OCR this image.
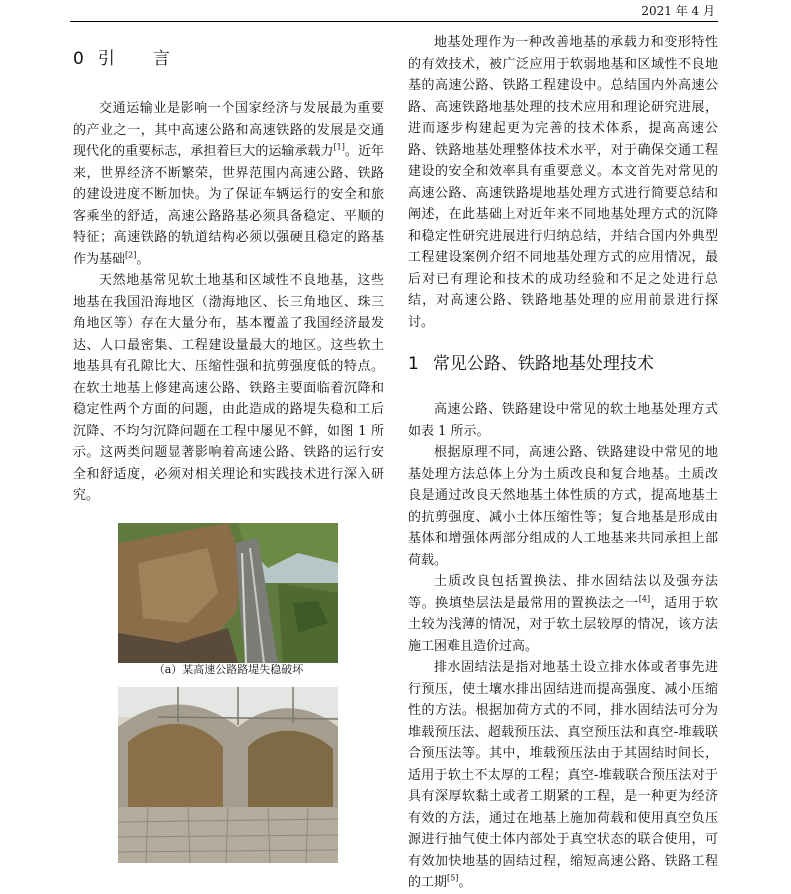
2021 年 4 月
0 引言

交通运输业是影响一个国家经济与发展最为重要的产业之一，其中高速公路和高速铁路的发展是交通现代化的重要标志，承担着巨大的运输承载力[1]。近年来，世界经济不断繁荣，世界范围内高速公路、铁路的建设进度不断加快。为了保证车辆运行的安全和旅客乘坐的舒适，高速公路路基必须具备稳定、平顺的特征；高速铁路的轨道结构必须以强硬且稳定的路基作为基础[2]。

天然地基常见软土地基和区域性不良地基，这些地基在我国沿海地区（渤海地区、长三角地区、珠三角地区等）存在大量分布，基本覆盖了我国经济最发达、人口最密集、工程建设量最大的地区。这些软土地基具有孔隙比大、压缩性强和抗剪强度低的特点。在软土地基上修建高速公路、铁路主要面临着沉降和稳定性两个方面的问题，由此造成的路堤失稳和工后沉降、不均匀沉降问题在工程中屡见不鲜，如图 1 所示。这两类问题显著影响着高速公路、铁路的运行安全和舒适度，必须对相关理论和实践技术进行深入研究。

（a）某高速公路路堤失稳破坏

地基处理作为一种改善地基的承载力和变形特性的有效技术，被广泛应用于软弱地基和区域性不良地基的高速公路、铁路工程建设中。总结国内外高速公路、高速铁路地基处理的技术应用和理论研究进展，进而逐步构建起更为完善的技术体系，提高高速公路、铁路地基处理整体技术水平，对于确保交通工程建设的安全和效率具有重要意义。本文首先对常见的高速公路、高速铁路堤地基处理方式进行简要总结和阐述，在此基础上对近年来不同地基处理方式的沉降和稳定性研究进展进行归纳总结，并结合国内外典型工程建设案例介绍不同地基处理方式的应用情况，最后对已有理论和技术的成功经验和不足之处进行总结，对高速公路、铁路地基处理的应用前景进行探讨。

1 常见公路、铁路地基处理技术

高速公路、铁路建设中常见的软土地基处理方式如表 1 所示。

根据原理不同，高速公路、铁路建设中常见的地基处理方法总体上分为土质改良和复合地基。土质改良是通过改良天然地基土体性质的方式，提高地基土的抗剪强度、减小土体压缩性等；复合地基是形成由基体和增强体两部分组成的人工地基来共同承担上部荷载。

土质改良包括置换法、排水固结法以及强夯法等。换填垫层法是最常用的置换法之一[4]，适用于软土较为浅薄的情况，对于软土层较厚的情况，该方法施工困难且造价过高。

排水固结法是指对地基土设立排水体或者事先进行预压，使土壤水排出固结进而提高强度、减小压缩性的方法。根据加荷方式的不同，排水固结法可分为堆载预压法、超载预压法、真空预压法和真空-堆载联合预压法等。其中，堆载预压法由于其固结时间长，适用于软土不太厚的工程；真空-堆载联合预压法对于具有深厚软黏土或者工期紧的工程，是一种更为经济有效的方法，通过在地基上施加荷载和使用真空负压源进行抽气使土体内部处于真空状态的联合使用，可有效加快地基的固结过程，缩短高速公路、铁路工程的工期[5]。
